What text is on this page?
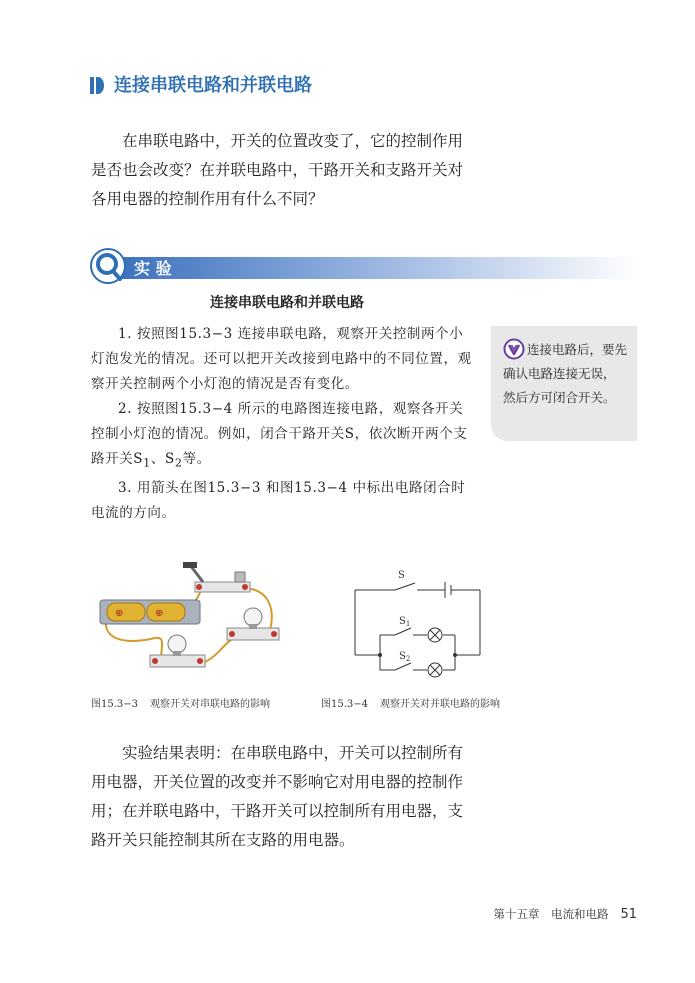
连接串联电路和并联电路

在串联电路中，开关的位置改变了，它的控制作用是否也会改变？在并联电路中，干路开关和支路开关对各用电器的控制作用有什么不同？

实 验
连接串联电路和并联电路

1. 按照图15.3−3 连接串联电路，观察开关控制两个小灯泡发光的情况。还可以把开关改接到电路中的不同位置，观察开关控制两个小灯泡的情况是否有变化。

2. 按照图15.3−4 所示的电路图连接电路，观察各开关控制小灯泡的情况。例如，闭合干路开关S，依次断开两个支路开关$S_1$、$S_2$等。

3. 用箭头在图15.3−3 和图15.3−4 中标出电路闭合时电流的方向。

连接电路后，要先确认电路连接无误，然后方可闭合开关。
⊕	⊕
S
$S_1$
$S_2$
图15.3−3 观察开关对串联电路的影响	图15.3−4 观察开关对并联电路的影响

实验结果表明：在串联电路中，开关可以控制所有用电器，开关位置的改变并不影响它对用电器的控制作用；在并联电路中，干路开关可以控制所有用电器，支路开关只能控制其所在支路的用电器。

第十五章　电流和电路 51
